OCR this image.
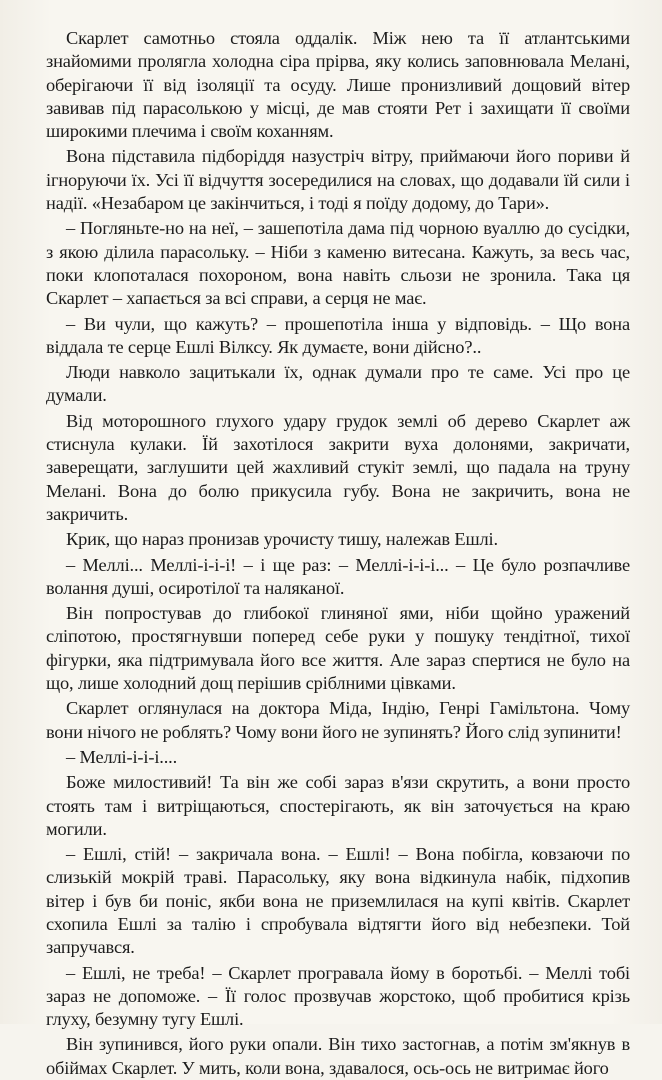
Скарлет самотньо стояла оддалік. Між нею та її атлантськими знайомими проляглa холодна сіра прірва, яку колись заповнювала Мелані, оберігаючи її від ізоляції та осуду. Лише пронизливий дощовий вітер завивав під парасолькою у місці, де мав стояти Рет і захищати її своїми широкими плечима і своїм коханням.

Вона підставила підборіддя назустріч вітру, приймаючи його пориви й ігноруючи їх. Усі її відчуття зосередилися на словах, що додавали їй сили і надії. «Незабаром це закінчиться, і тоді я поїду додому, до Тари».

– Погляньте-но на неї, – зашепотіла дама під чорною вуаллю до сусідки, з якою ділила парасольку. – Ніби з каменю витесана. Кажуть, за весь час, поки клопоталася похороном, вона навіть сльози не зронила. Така ця Скарлет – хапається за всі справи, а серця не має.

– Ви чули, що кажуть? – прошепотіла інша у відповідь. – Що вона віддала те серце Ешлі Вілксу. Як думаєте, вони дійсно?..

Люди навколо зацитькали їх, однак думали про те саме. Усі про це думали.

Від моторошного глухого удару грудок землі об дерево Скарлет аж стиснула кулаки. Їй захотілося закрити вуха долонями, закричати, заверещати, заглушити цей жахливий стукіт землі, що падала на труну Мелані. Вона до болю прикусила губу. Вона не закричить, вона не закричить.

Крик, що нараз пронизав урочисту тишу, належав Ешлі.

– Меллі... Меллі-і-і-і! – і ще раз: – Меллі-і-і-і... – Це було розпачливе волання душі, осиротілої та наляканої.

Він попростував до глибокої глиняної ями, ніби щойно уражений сліпотою, простягнувши поперед себе руки у пошуку тендітної, тихої фігурки, яка підтримувала його все життя. Але зараз спертися не було на що, лише холодний дощ перішив сріблними цівками.

Скарлет оглянулася на доктора Міда, Індію, Генрі Гамільтона. Чому вони нічого не роблять? Чому вони його не зупинять? Його слід зупинити!

– Меллі-і-і-і....

Боже милостивий! Та він же собі зараз в'язи скрутить, а вони просто стоять там і витріщаються, спостерігають, як він заточується на краю могили.

– Ешлі, стій! – закричала вона. – Ешлі! – Вона побігла, ковзаючи по слизькій мокрій траві. Парасольку, яку вона відкинула набік, підхопив вітер і був би поніс, якби вона не приземлилася на купі квітів. Скарлет схопила Ешлі за талію і спробувала відтягти його від небезпеки. Той запручався.

– Ешлі, не треба! – Скарлет програвала йому в боротьбі. – Меллі тобі зараз не допоможе. – Її голос прозвучав жорстоко, щоб пробитися крізь глуху, безумну тугу Ешлі.

Він зупинився, його руки опали. Він тихо застогнав, а потім зм'якнув в обіймах Скарлет. У мить, коли вона, здавалося, ось-ось не витримає його
